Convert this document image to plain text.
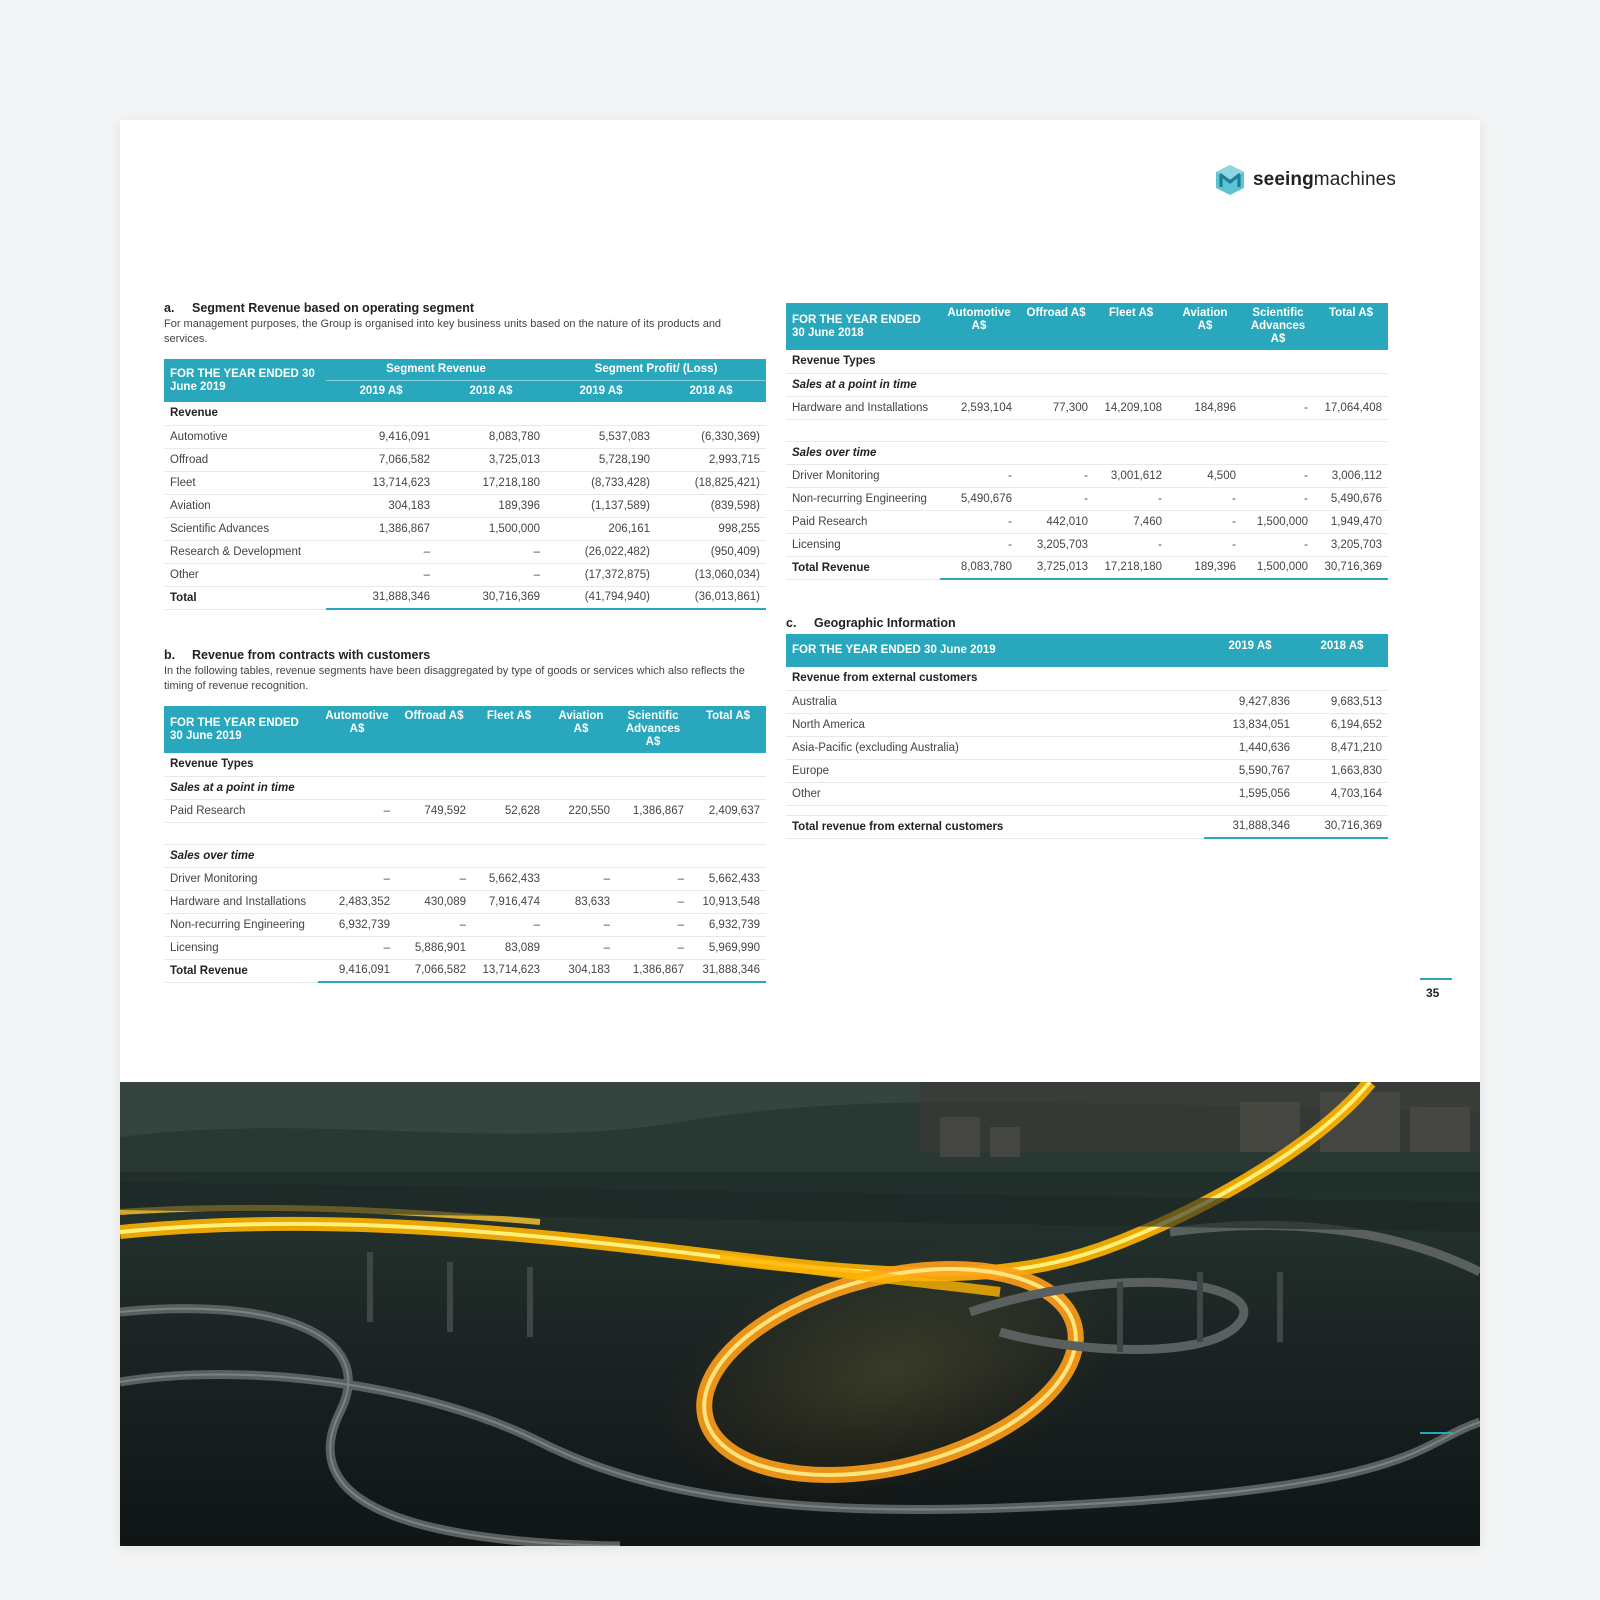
seeingmachines
a. Segment Revenue based on operating segment
For management purposes, the Group is organised into key business units based on the nature of its products and services.
FOR THE YEAR ENDED 30 June 2019	Segment Revenue		Segment Profit/ (Loss)	
	2019 A$	2018 A$	2019 A$	2018 A$
Revenue				
Automotive	9,416,091	8,083,780	5,537,083	(6,330,369)
Offroad	7,066,582	3,725,013	5,728,190	2,993,715
Fleet	13,714,623	17,218,180	(8,733,428)	(18,825,421)
Aviation	304,183	189,396	(1,137,589)	(839,598)
Scientific Advances	1,386,867	1,500,000	206,161	998,255
Research & Development	–	–	(26,022,482)	(950,409)
Other	–	–	(17,372,875)	(13,060,034)
Total	31,888,346	30,716,369	(41,794,940)	(36,013,861)
b. Revenue from contracts with customers
In the following tables, revenue segments have been disaggregated by type of goods or services which also reflects the timing of revenue recognition.
FOR THE YEAR ENDED 30 June 2019	Automotive A$	Offroad A$	Fleet A$	Aviation A$	Scientific Advances A$	Total A$
Revenue Types						
Sales at a point in time						
Paid Research	–	749,592	52,628	220,550	1,386,867	2,409,637

Sales over time						
Driver Monitoring	–	–	5,662,433	–	–	5,662,433
Hardware and Installations	2,483,352	430,089	7,916,474	83,633	–	10,913,548
Non-recurring Engineering	6,932,739	–	–	–	–	6,932,739
Licensing	–	5,886,901	83,089	–	–	5,969,990
Total Revenue	9,416,091	7,066,582	13,714,623	304,183	1,386,867	31,888,346
FOR THE YEAR ENDED 30 June 2018	Automotive A$	Offroad A$	Fleet A$	Aviation A$	Scientific Advances A$	Total A$
Revenue Types						
Sales at a point in time						
Hardware and Installations	2,593,104	77,300	14,209,108	184,896	-	17,064,408

Sales over time						
Driver Monitoring	-	-	3,001,612	4,500	-	3,006,112
Non-recurring Engineering	5,490,676	-	-	-	-	5,490,676
Paid Research	-	442,010	7,460	-	1,500,000	1,949,470
Licensing	-	3,205,703	-	-	-	3,205,703
Total Revenue	8,083,780	3,725,013	17,218,180	189,396	1,500,000	30,716,369
c. Geographic Information
FOR THE YEAR ENDED 30 June 2019	2019 A$	2018 A$
Revenue from external customers		
Australia	9,427,836	9,683,513
North America	13,834,051	6,194,652
Asia-Pacific (excluding Australia)	1,440,636	8,471,210
Europe	5,590,767	1,663,830
Other	1,595,056	4,703,164

Total revenue from external customers	31,888,346	30,716,369
35
